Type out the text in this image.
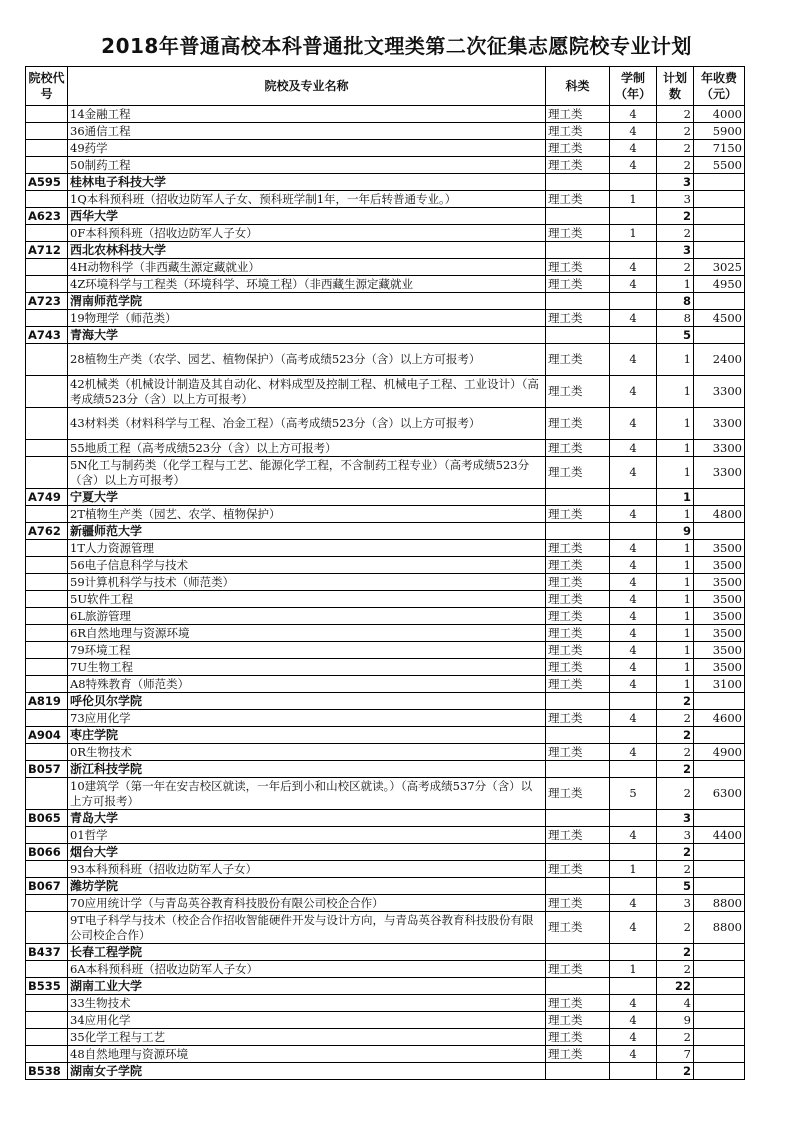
2018年普通高校本科普通批文理类第二次征集志愿院校专业计划
院校代号	院校及专业名称	科类	学制（年）	计划数	年收费（元）
	14金融工程	理工类	4	2	4000
	36通信工程	理工类	4	2	5900
	49药学	理工类	4	2	7150
	50制药工程	理工类	4	2	5500
A595	桂林电子科技大学			3	
	1Q本科预科班（招收边防军人子女、预科班学制1年，一年后转普通专业。）	理工类	1	3	
A623	西华大学			2	
	0F本科预科班（招收边防军人子女）	理工类	1	2	
A712	西北农林科技大学			3	
	4H动物科学（非西藏生源定藏就业）	理工类	4	2	3025
	4Z环境科学与工程类（环境科学、环境工程）（非西藏生源定藏就业	理工类	4	1	4950
A723	渭南师范学院			8	
	19物理学（师范类）	理工类	4	8	4500
A743	青海大学			5	
	28植物生产类（农学、园艺、植物保护）（高考成绩523分（含）以上方可报考）	理工类	4	1	2400
	42机械类（机械设计制造及其自动化、材料成型及控制工程、机械电子工程、工业设计）（高考成绩523分（含）以上方可报考）	理工类	4	1	3300
	43材料类（材料科学与工程、冶金工程）（高考成绩523分（含）以上方可报考）	理工类	4	1	3300
	55地质工程（高考成绩523分（含）以上方可报考）	理工类	4	1	3300
	5N化工与制药类（化学工程与工艺、能源化学工程，不含制药工程专业）（高考成绩523分（含）以上方可报考）	理工类	4	1	3300
A749	宁夏大学			1	
	2T植物生产类（园艺、农学、植物保护）	理工类	4	1	4800
A762	新疆师范大学			9	
	1T人力资源管理	理工类	4	1	3500
	56电子信息科学与技术	理工类	4	1	3500
	59计算机科学与技术（师范类）	理工类	4	1	3500
	5U软件工程	理工类	4	1	3500
	6L旅游管理	理工类	4	1	3500
	6R自然地理与资源环境	理工类	4	1	3500
	79环境工程	理工类	4	1	3500
	7U生物工程	理工类	4	1	3500
	A8特殊教育（师范类）	理工类	4	1	3100
A819	呼伦贝尔学院			2	
	73应用化学	理工类	4	2	4600
A904	枣庄学院			2	
	0R生物技术	理工类	4	2	4900
B057	浙江科技学院			2	
	10建筑学（第一年在安吉校区就读，一年后到小和山校区就读。）（高考成绩537分（含）以上方可报考）	理工类	5	2	6300
B065	青岛大学			3	
	01哲学	理工类	4	3	4400
B066	烟台大学			2	
	93本科预科班（招收边防军人子女）	理工类	1	2	
B067	潍坊学院			5	
	70应用统计学（与青岛英谷教育科技股份有限公司校企合作）	理工类	4	3	8800
	9T电子科学与技术（校企合作招收智能硬件开发与设计方向，与青岛英谷教育科技股份有限公司校企合作）	理工类	4	2	8800
B437	长春工程学院			2	
	6A本科预科班（招收边防军人子女）	理工类	1	2	
B535	湖南工业大学			22	
	33生物技术	理工类	4	4	
	34应用化学	理工类	4	9	
	35化学工程与工艺	理工类	4	2	
	48自然地理与资源环境	理工类	4	7	
B538	湖南女子学院			2	
